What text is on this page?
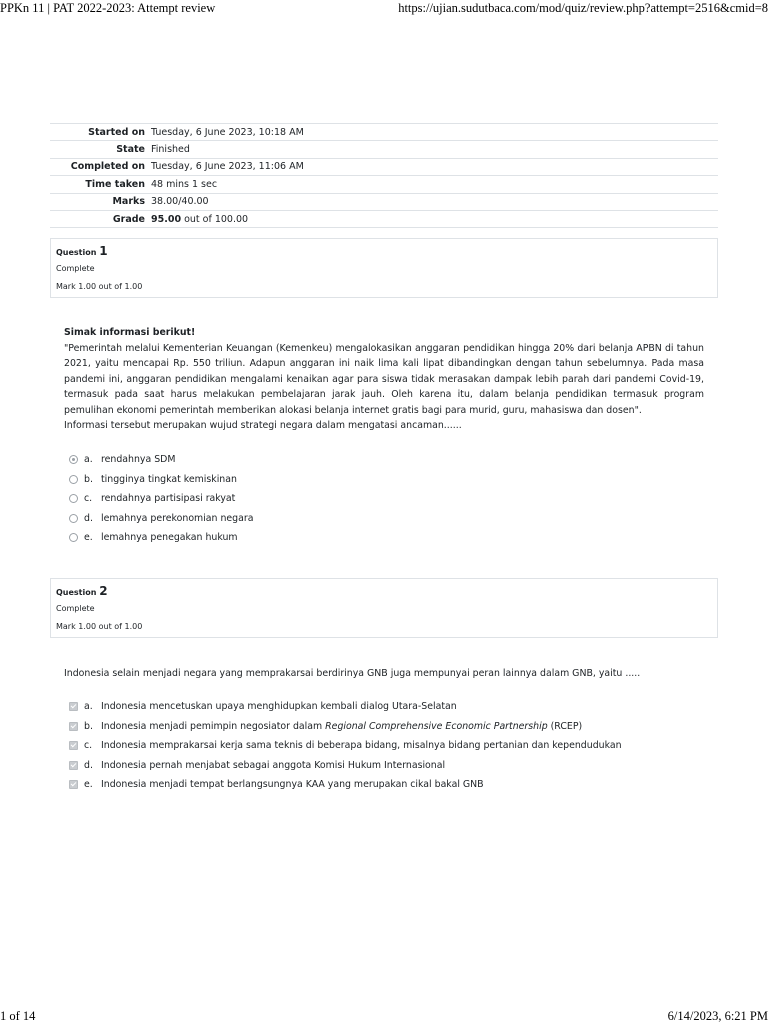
PPKn 11 | PAT 2022-2023: Attempt review	https://ujian.sudutbaca.com/mod/quiz/review.php?attempt=2516&cmid=8
Started on	Tuesday, 6 June 2023, 10:18 AM
State	Finished
Completed on	Tuesday, 6 June 2023, 11:06 AM
Time taken	48 mins 1 sec
Marks	38.00/40.00
Grade	95.00 out of 100.00
Question 1
Complete
Mark 1.00 out of 1.00

Simak informasi berikut!

"Pemerintah melalui Kementerian Keuangan (Kemenkeu) mengalokasikan anggaran pendidikan hingga 20% dari belanja APBN di tahun 2021, yaitu mencapai Rp. 550 triliun. Adapun anggaran ini naik lima kali lipat dibandingkan dengan tahun sebelumnya. Pada masa pandemi ini, anggaran pendidikan mengalami kenaikan agar para siswa tidak merasakan dampak lebih parah dari pandemi Covid-19, termasuk pada saat harus melakukan pembelajaran jarak jauh. Oleh karena itu, dalam belanja pendidikan termasuk program pemulihan ekonomi pemerintah memberikan alokasi belanja internet gratis bagi para murid, guru, mahasiswa dan dosen".

Informasi tersebut merupakan wujud strategi negara dalam mengatasi ancaman......

a. rendahnya SDM
b. tingginya tingkat kemiskinan
c. rendahnya partisipasi rakyat
d. lemahnya perekonomian negara
e. lemahnya penegakan hukum
Question 2
Complete
Mark 1.00 out of 1.00

Indonesia selain menjadi negara yang memprakarsai berdirinya GNB juga mempunyai peran lainnya dalam GNB, yaitu .....

a. Indonesia mencetuskan upaya menghidupkan kembali dialog Utara-Selatan
b. Indonesia menjadi pemimpin negosiator dalam Regional Comprehensive Economic Partnership (RCEP)
c. Indonesia memprakarsai kerja sama teknis di beberapa bidang, misalnya bidang pertanian dan kependudukan
d. Indonesia pernah menjabat sebagai anggota Komisi Hukum Internasional
e. Indonesia menjadi tempat berlangsungnya KAA yang merupakan cikal bakal GNB
1 of 14	6/14/2023, 6:21 PM
